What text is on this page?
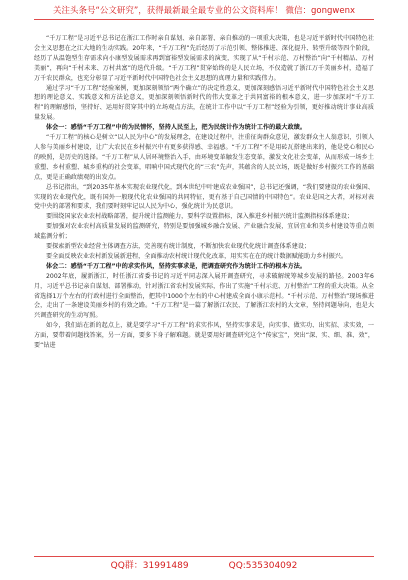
关注头条号“公文研究”，获得最新最全最专业的公文资料库！ 微信：gongwenx

“千万工程”是习近平总书记在浙江工作时亲自谋划、亲自部署、亲自推动的一项重大决策，也是习近平新时代中国特色社会主义思想在之江大地的生动实践。20年来，“千万工程”先后经历了示范引领、整体推进、深化提升、转型升级等四个阶段，经历了从温饱型生存需求向小康型发展需求再到富裕型发展需求的演变，实现了从“千村示范、万村整治”向“千村精品、万村美丽”，再向“千村未来、万村共富”的迭代升级。“千万工程”贯穿始终的是人民立场，不仅造就了浙江万千美丽乡村，造福了万千农民群众，也充分彰显了习近平新时代中国特色社会主义思想的真理力量和实践伟力。

通过学习“千万工程”经验案例，更加深刻领悟“两个确立”的决定性意义，更加深刻感悟习近平新时代中国特色社会主义思想的理论意义、实践意义和方法论意义，更加深刻领悟新时代的伟大变革之于共同富裕的根本意义，进一步加深对“千万工程”的理解感悟，坚持好、运用好贯穿其中的立场观点方法，在统计工作中以“千万工程”经验为引领，更好推动统计事业高质量发展。

体会一：感悟“千万工程”中的为民情怀，坚持人民至上，把为民统计作为统计工作的最大政绩。

“千万工程”的核心是树立“以人民为中心”的发展理念，在建设过程中，注重征询群众意见，激发群众主人翁意识，引领人人参与美丽乡村建设，让广大农民在乡村振兴中有更多获得感、幸福感。“千万工程”不是用砖瓦搭建出来的，他是党心和民心的映照，是历史的选择。“千万工程”从人居环境整治入手，由环境变革触发生态变革，激发文化社会变革，从而形成一场乡土重塑、乡村重塑、城乡重构的社会变革，唱响中国式现代化的“三农”先声，其蕴含的人民立场，既是做好乡村振兴工作的基础点，更是正确政绩观的出发点。

总书记指出，“到2035年基本实现农业现代化，到本世纪中叶建成农业强国”，总书记还强调，“我们要建设的农业强国、实现的农业现代化，既有国外一般现代化农业强国的共同特征，更有基于自己国情的中国特色”。农业是国之大者，对标对表党中央的部署和要求，我们要时刻牢记以人民为中心，强化统计为民意识。

要围绕国家农业农村战略部署，提升统计监测能力，要科学设置指标，深入推进乡村振兴统计监测指标体系建设；

要加强对农业农村高质量发展的监测研究，特别是要加强城乡融合发展、产业融合发展，宜居宜业和美乡村建设等重点领域监测分析；

要探索新型农业经营主体调查方法，完善现有统计制度，不断加快农业现代化统计调查体系建设；

要全面反映农业农村新发展新进程，全面推动农村统计现代化改革，用实实在在的统计数据赋能助力乡村振兴。

体会二：感悟“千万工程”中的求实作风，坚持实事求是，把调查研究作为统计工作的根本方法。

2002年底，履新浙江，时任浙江省委书记的习近平同志深入展开调查研究，寻求破解统筹城乡发展的路径。2003年6月，习近平总书记亲自谋划、部署推动，针对浙江省农村发展实际，作出了实施“千村示范、万村整治”工程的重大决策。从全省选择1万个左右的行政村进行全面整治，把其中1000个左右的中心村建成全面小康示范村。“千村示范、万村整治”现场推进会，走出了一条建设美丽乡村的有效之路。“千万工程”是一篇了解浙江农民、了解浙江农村的大文章，坚持问题导向，也是大兴调查研究的生动写照。

如今，我们站在新的起点上，就是要学习“千万工程”的求实作风，坚持实事求是，向实事、做实功、出实招、求实效，一方面，要带着问题找答案，另一方面，要多下身子解难题。就是要用好调查研究这个“传家宝”，突出“深、实、细、准、效”，要“钻进

QQ群：31991489	QQ:535304092
